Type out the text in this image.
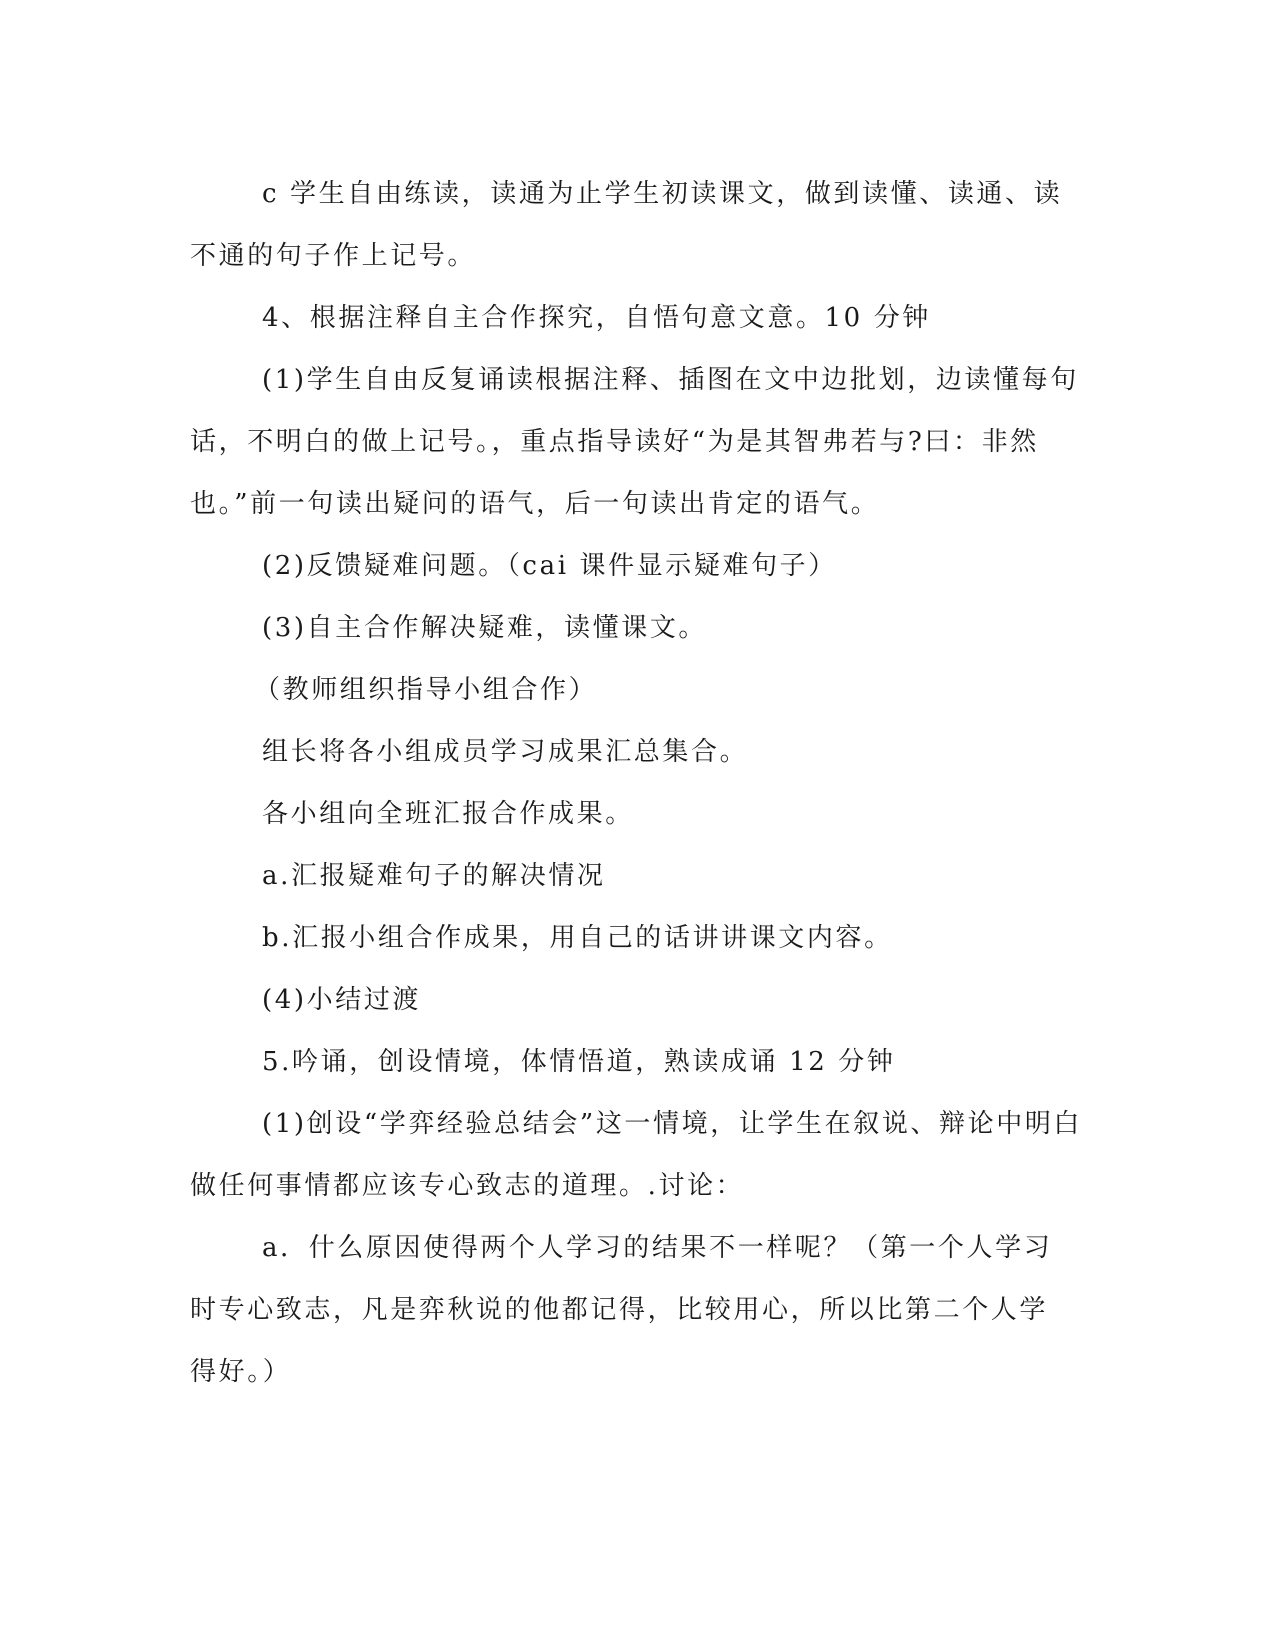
c 学生自由练读，读通为止学生初读课文，做到读懂、读通、读

不通的句子作上记号。

4、根据注释自主合作探究，自悟句意文意。10 分钟

(1)学生自由反复诵读根据注释、插图在文中边批划，边读懂每句

话，不明白的做上记号。，重点指导读好“为是其智弗若与?曰：非然

也。”前一句读出疑问的语气，后一句读出肯定的语气。

(2)反馈疑难问题。（cai 课件显示疑难句子）

(3)自主合作解决疑难，读懂课文。

（教师组织指导小组合作）

组长将各小组成员学习成果汇总集合。

各小组向全班汇报合作成果。

a.汇报疑难句子的解决情况

b.汇报小组合作成果，用自己的话讲讲课文内容。

(4)小结过渡

5.吟诵，创设情境，体情悟道，熟读成诵 12 分钟

(1)创设“学弈经验总结会”这一情境，让学生在叙说、辩论中明白

做任何事情都应该专心致志的道理。.讨论：

a．什么原因使得两个人学习的结果不一样呢？（第一个人学习

时专心致志，凡是弈秋说的他都记得，比较用心，所以比第二个人学

得好。）
